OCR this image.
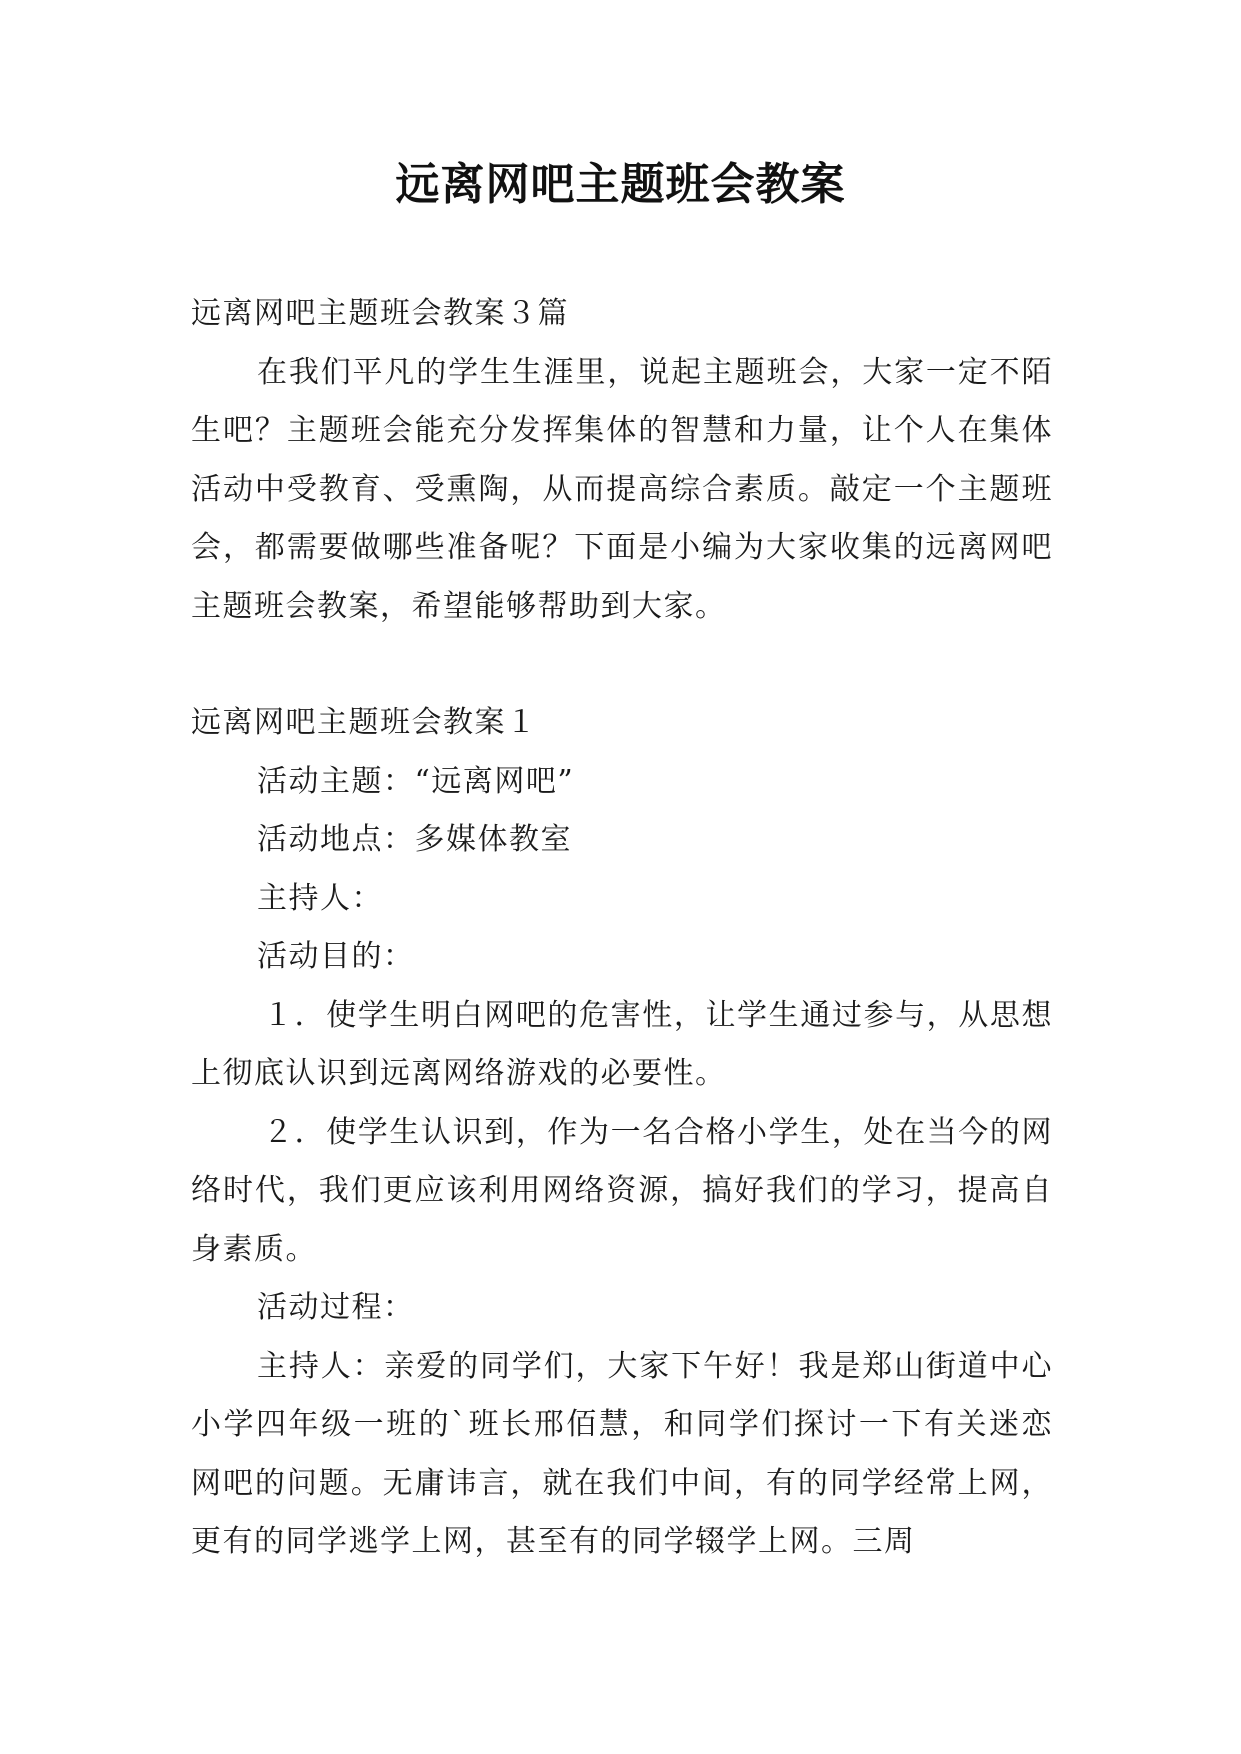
远离网吧主题班会教案

远离网吧主题班会教案３篇

在我们平凡的学生生涯里，说起主题班会，大家一定不陌生吧？主题班会能充分发挥集体的智慧和力量，让个人在集体活动中受教育、受熏陶，从而提高综合素质。敲定一个主题班会，都需要做哪些准备呢？下面是小编为大家收集的远离网吧主题班会教案，希望能够帮助到大家。

远离网吧主题班会教案１

活动主题：“远离网吧”

活动地点：多媒体教室

主持人：

活动目的：

１．使学生明白网吧的危害性，让学生通过参与，从思想上彻底认识到远离网络游戏的必要性。

２．使学生认识到，作为一名合格小学生，处在当今的网络时代，我们更应该利用网络资源，搞好我们的学习，提高自身素质。

活动过程：

主持人：亲爱的同学们，大家下午好！我是郑山街道中心小学四年级一班的`班长邢佰慧，和同学们探讨一下有关迷恋网吧的问题。无庸讳言，就在我们中间，有的同学经常上网，更有的同学逃学上网，甚至有的同学辍学上网。三周
